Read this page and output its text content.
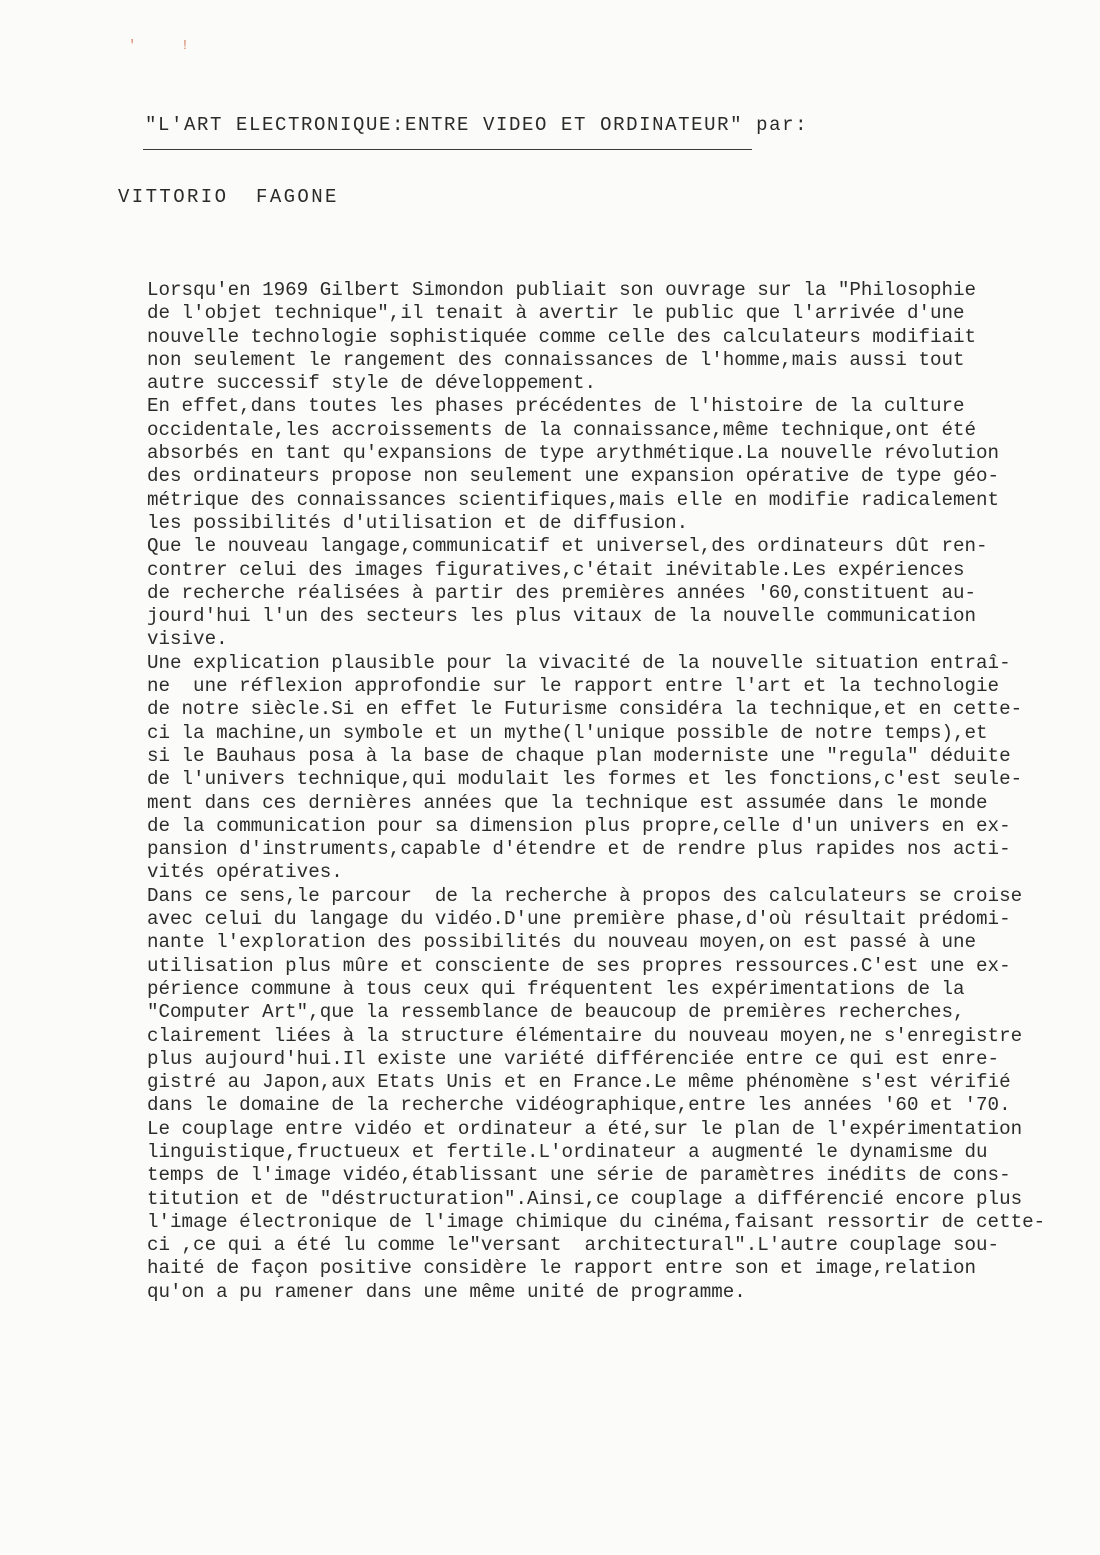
' !
"L'ART ELECTRONIQUE:ENTRE VIDEO ET ORDINATEUR" par:
VITTORIO  FAGONE
Lorsqu'en 1969 Gilbert Simondon publiait son ouvrage sur la "Philosophie
de l'objet technique",il tenait à avertir le public que l'arrivée d'une
nouvelle technologie sophistiquée comme celle des calculateurs modifiait
non seulement le rangement des connaissances de l'homme,mais aussi tout
autre successif style de développement.
En effet,dans toutes les phases précédentes de l'histoire de la culture
occidentale,les accroissements de la connaissance,même technique,ont été
absorbés en tant qu'expansions de type arythmétique.La nouvelle révolution
des ordinateurs propose non seulement une expansion opérative de type géo-
métrique des connaissances scientifiques,mais elle en modifie radicalement
les possibilités d'utilisation et de diffusion.
Que le nouveau langage,communicatif et universel,des ordinateurs dût ren-
contrer celui des images figuratives,c'était inévitable.Les expériences
de recherche réalisées à partir des premières années '60,constituent au-
jourd'hui l'un des secteurs les plus vitaux de la nouvelle communication
visive.
Une explication plausible pour la vivacité de la nouvelle situation entraî-
ne  une réflexion approfondie sur le rapport entre l'art et la technologie
de notre siècle.Si en effet le Futurisme considéra la technique,et en cette-
ci la machine,un symbole et un mythe(l'unique possible de notre temps),et
si le Bauhaus posa à la base de chaque plan moderniste une "regula" déduite
de l'univers technique,qui modulait les formes et les fonctions,c'est seule-
ment dans ces dernières années que la technique est assumée dans le monde
de la communication pour sa dimension plus propre,celle d'un univers en ex-
pansion d'instruments,capable d'étendre et de rendre plus rapides nos acti-
vités opératives.
Dans ce sens,le parcour  de la recherche à propos des calculateurs se croise
avec celui du langage du vidéo.D'une première phase,d'où résultait prédomi-
nante l'exploration des possibilités du nouveau moyen,on est passé à une
utilisation plus mûre et consciente de ses propres ressources.C'est une ex-
périence commune à tous ceux qui fréquentent les expérimentations de la
"Computer Art",que la ressemblance de beaucoup de premières recherches,
clairement liées à la structure élémentaire du nouveau moyen,ne s'enregistre
plus aujourd'hui.Il existe une variété différenciée entre ce qui est enre-
gistré au Japon,aux Etats Unis et en France.Le même phénomène s'est vérifié
dans le domaine de la recherche vidéographique,entre les années '60 et '70.
Le couplage entre vidéo et ordinateur a été,sur le plan de l'expérimentation
linguistique,fructueux et fertile.L'ordinateur a augmenté le dynamisme du
temps de l'image vidéo,établissant une série de paramètres inédits de cons-
titution et de "déstructuration".Ainsi,ce couplage a différencié encore plus
l'image électronique de l'image chimique du cinéma,faisant ressortir de cette-
ci ,ce qui a été lu comme le"versant  architectural".L'autre couplage sou-
haité de façon positive considère le rapport entre son et image,relation
qu'on a pu ramener dans une même unité de programme.
